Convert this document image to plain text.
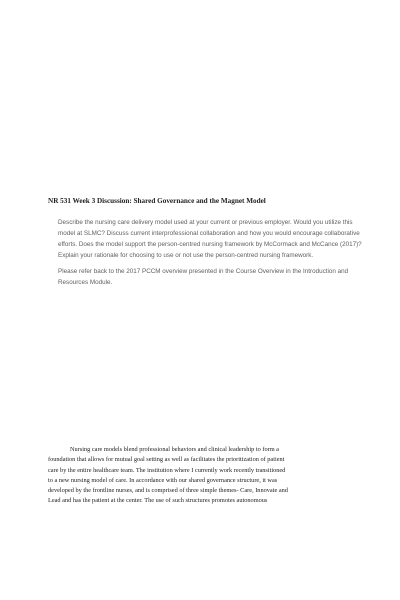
NR 531 Week 3 Discussion: Shared Governance and the Magnet Model
Describe the nursing care delivery model used at your current or previous employer. Would you utilize this
model at SLMC? Discuss current interprofessional collaboration and how you would encourage collaborative
efforts. Does the model support the person-centred nursing framework by McCormack and McCance (2017)?
Explain your rationale for choosing to use or not use the person-centred nursing framework.
Please refer back to the 2017 PCCM overview presented in the Course Overview in the Introduction and
Resources Module.
Nursing care models blend professional behaviors and clinical leadership to form a
foundation that allows for mutual goal setting as well as facilitates the prioritization of patient
care by the entire healthcare team. The institution where I currently work recently transitioned
to a new nursing model of care. In accordance with our shared governance structure, it was
developed by the frontline nurses, and is comprised of three simple themes- Care, Innovate and
Lead and has the patient at the center. The use of such structures promotes autonomous
